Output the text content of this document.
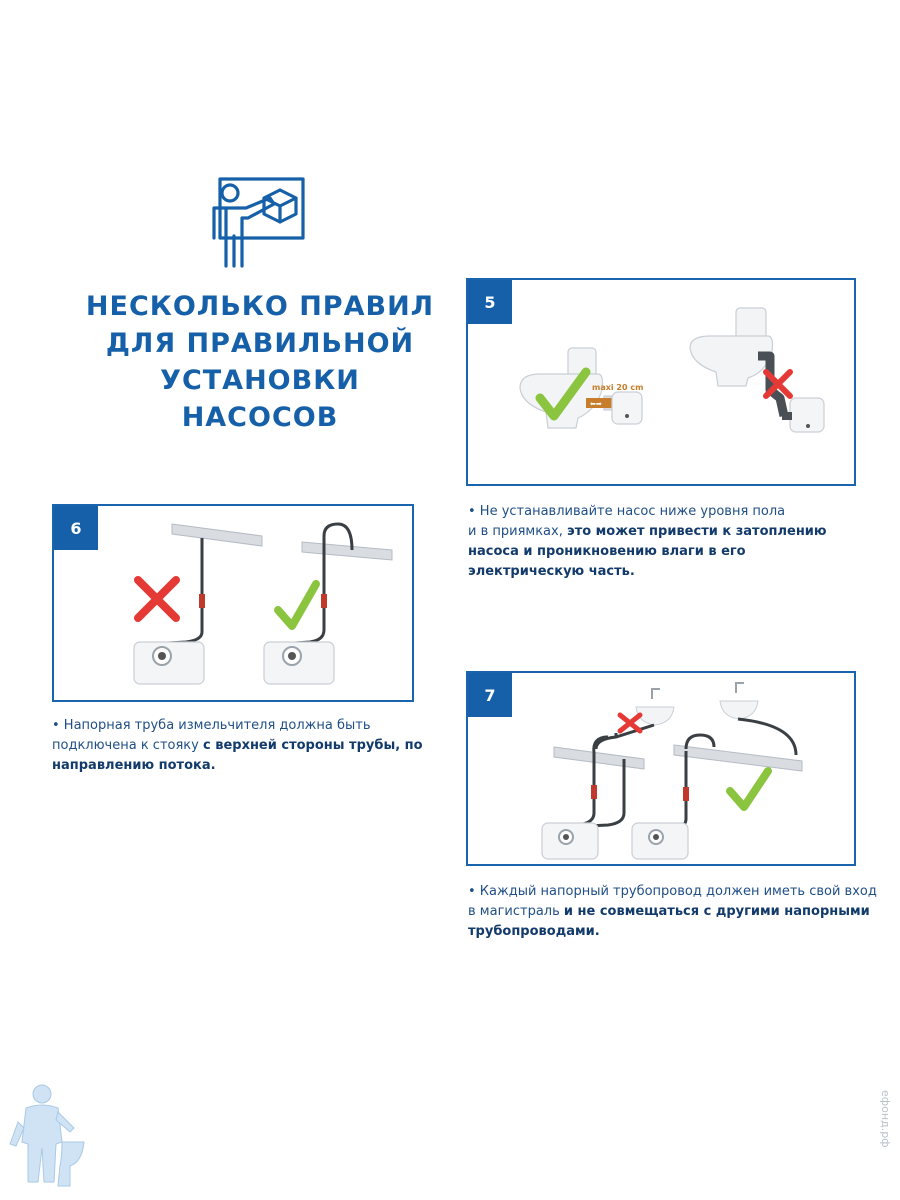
НЕСКОЛЬКО ПРАВИЛ
ДЛЯ ПРАВИЛЬНОЙ
УСТАНОВКИ
НАСОСОВ	⬅➡
maxi 20 cm
5
• Не устанавливайте насос ниже уровня пола
и в приямках, это может привести к затоплению насоса и проникновению влаги в его электрическую часть.
6
• Напорная труба измельчителя должна быть подключена к стояку с верхней стороны трубы, по направлению потока.
7
• Каждый напорный трубопровод должен иметь свой вход в магистраль и не совмещаться с другими напорными трубопроводами.
ефонд.рф
